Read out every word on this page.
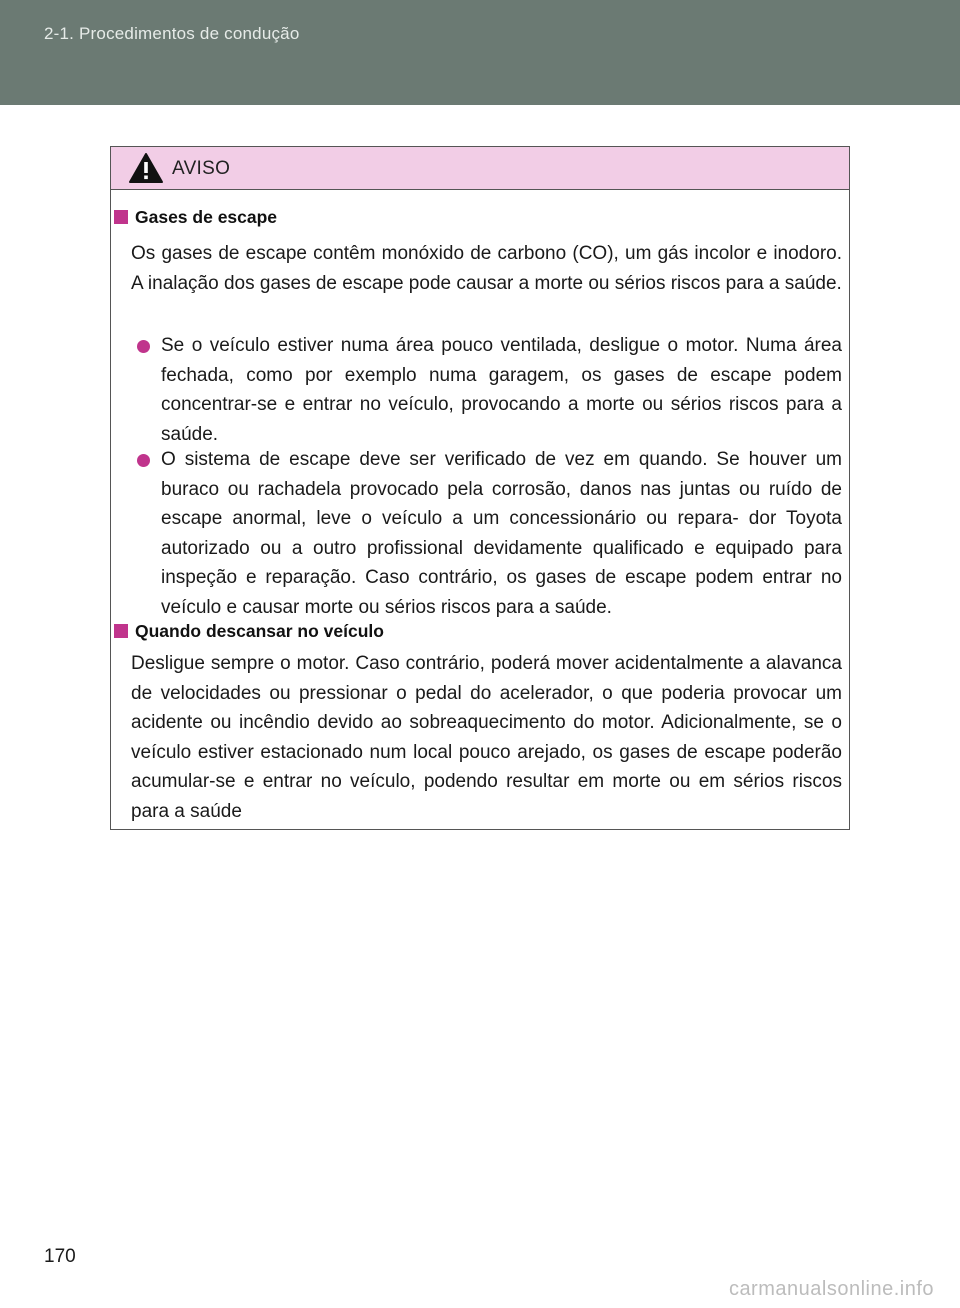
2-1. Procedimentos de condução
AVISO
Gases de escape
Os gases de escape contêm monóxido de carbono (CO), um gás incolor e inodoro. A inalação dos gases de escape pode causar a morte ou sérios riscos para a saúde.
Se o veículo estiver numa área pouco ventilada, desligue o motor. Numa área fechada, como por exemplo numa garagem, os gases de escape podem concentrar-se e entrar no veículo, provocando a morte ou sérios riscos para a saúde.
O sistema de escape deve ser verificado de vez em quando. Se houver um buraco ou rachadela provocado pela corrosão, danos nas juntas ou ruído de escape anormal, leve o veículo a um concessionário ou repara- dor Toyota autorizado ou a outro profissional devidamente qualificado e equipado para inspeção e reparação. Caso contrário, os gases de escape podem entrar no veículo e causar morte ou sérios riscos para a saúde.
Quando descansar no veículo
Desligue sempre o motor. Caso contrário, poderá mover acidentalmente a alavanca de velocidades ou pressionar o pedal do acelerador, o que poderia provocar um acidente ou incêndio devido ao sobreaquecimento do motor. Adicionalmente, se o veículo estiver estacionado num local pouco arejado, os gases de escape poderão acumular-se e entrar no veículo, podendo resultar em morte ou em sérios riscos para a saúde
170
carmanualsonline.info
